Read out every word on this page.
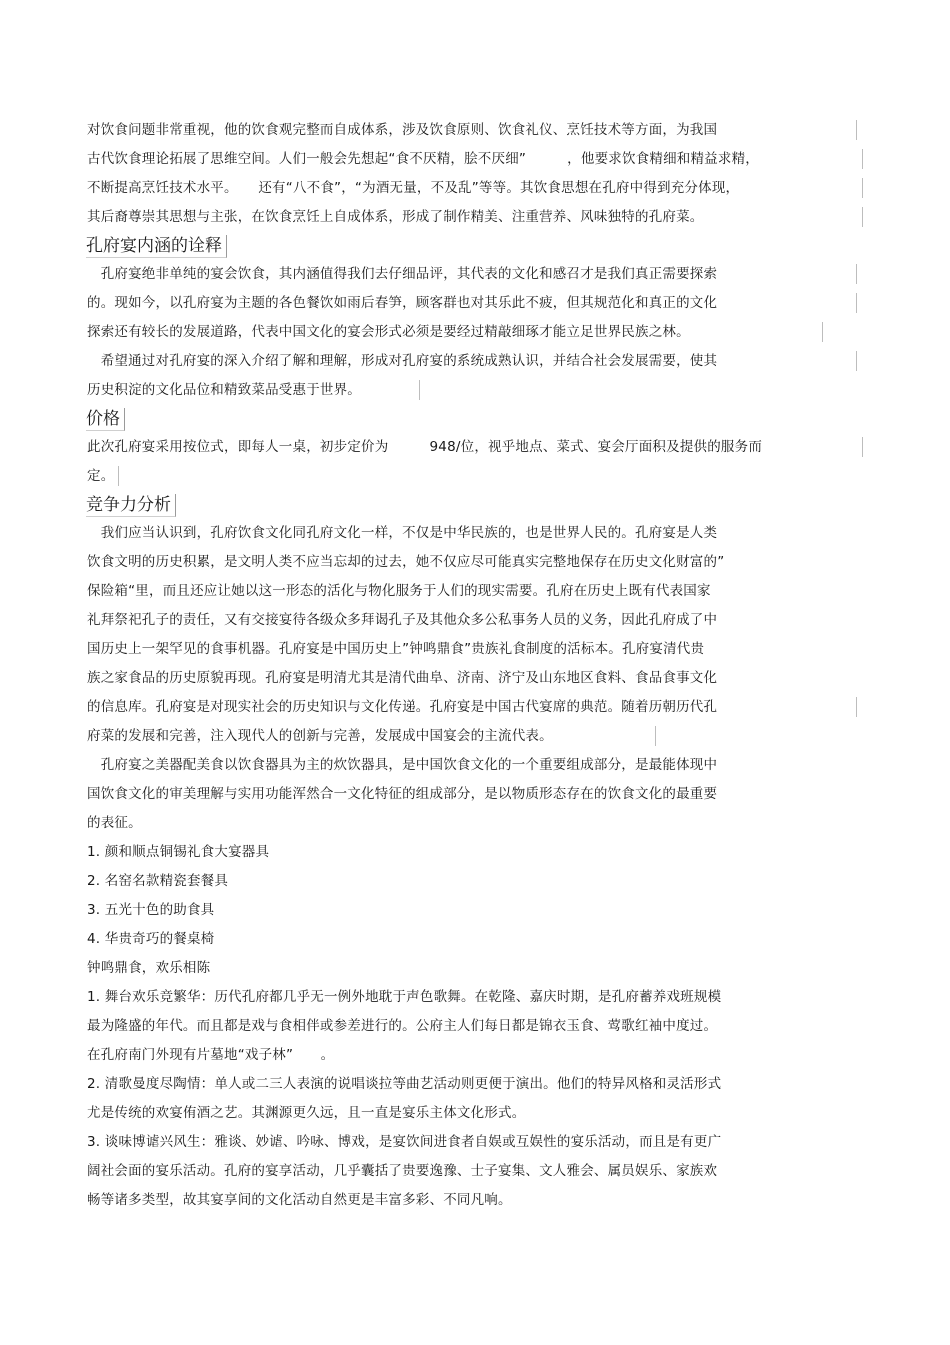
对饮食问题非常重视，他的饮食观完整而自成体系，涉及饮食原则、饮食礼仪、烹饪技术等方面，为我国
古代饮食理论拓展了思维空间。人们一般会先想起“食不厌精，脍不厌细”　　　，他要求饮食精细和精益求精，
不断提高烹饪技术水平。　　还有“八不食”，“为酒无量，不及乱”等等。其饮食思想在孔府中得到充分体现，
其后裔尊崇其思想与主张，在饮食烹饪上自成体系，形成了制作精美、注重营养、风味独特的孔府菜。
孔府宴内涵的诠释
　孔府宴绝非单纯的宴会饮食，其内涵值得我们去仔细品评，其代表的文化和感召才是我们真正需要探索
的。现如今，以孔府宴为主题的各色餐饮如雨后春笋，顾客群也对其乐此不疲，但其规范化和真正的文化
探索还有较长的发展道路，代表中国文化的宴会形式必须是要经过精敲细琢才能立足世界民族之林。
　希望通过对孔府宴的深入介绍了解和理解，形成对孔府宴的系统成熟认识，并结合社会发展需要，使其
历史积淀的文化品位和精致菜品受惠于世界。
价格
此次孔府宴采用按位式，即每人一桌，初步定价为　　　948/位，视乎地点、菜式、宴会厅面积及提供的服务而
定。
竞争力分析
　我们应当认识到，孔府饮食文化同孔府文化一样，不仅是中华民族的，也是世界人民的。孔府宴是人类
饮食文明的历史积累，是文明人类不应当忘却的过去，她不仅应尽可能真实完整地保存在历史文化财富的”
保险箱“里，而且还应让她以这一形态的活化与物化服务于人们的现实需要。孔府在历史上既有代表国家
礼拜祭祀孔子的责任，又有交接宴待各级众多拜谒孔子及其他众多公私事务人员的义务，因此孔府成了中
国历史上一架罕见的食事机器。孔府宴是中国历史上”钟鸣鼎食”贵族礼食制度的活标本。孔府宴清代贵
族之家食品的历史原貌再现。孔府宴是明清尤其是清代曲阜、济南、济宁及山东地区食料、食品食事文化
的信息库。孔府宴是对现实社会的历史知识与文化传递。孔府宴是中国古代宴席的典范。随着历朝历代孔
府菜的发展和完善，注入现代人的创新与完善，发展成中国宴会的主流代表。
　孔府宴之美器配美食以饮食器具为主的炊饮器具，是中国饮食文化的一个重要组成部分，是最能体现中
国饮食文化的审美理解与实用功能浑然合一文化特征的组成部分，是以物质形态存在的饮食文化的最重要
的表征。
1. 颜和顺点铜锡礼食大宴器具
2. 名窑名款精瓷套餐具
3. 五光十色的助食具
4. 华贵奇巧的餐桌椅
钟鸣鼎食，欢乐相陈
1. 舞台欢乐竞繁华：历代孔府都几乎无一例外地耽于声色歌舞。在乾隆、嘉庆时期，是孔府蓄养戏班规模
最为隆盛的年代。而且都是戏与食相伴或参差进行的。公府主人们每日都是锦衣玉食、莺歌红袖中度过。
在孔府南门外现有片墓地“戏子林”　　。
2. 清歌曼度尽陶情：单人或二三人表演的说唱谈拉等曲艺活动则更便于演出。他们的特异风格和灵活形式
尤是传统的欢宴侑酒之艺。其渊源更久远，且一直是宴乐主体文化形式。
3. 谈味博谑兴风生：雅谈、妙谑、吟咏、博戏，是宴饮间进食者自娱或互娱性的宴乐活动，而且是有更广
阔社会面的宴乐活动。孔府的宴享活动，几乎囊括了贵要逸豫、士子宴集、文人雅会、属员娱乐、家族欢
畅等诸多类型，故其宴享间的文化活动自然更是丰富多彩、不同凡响。
